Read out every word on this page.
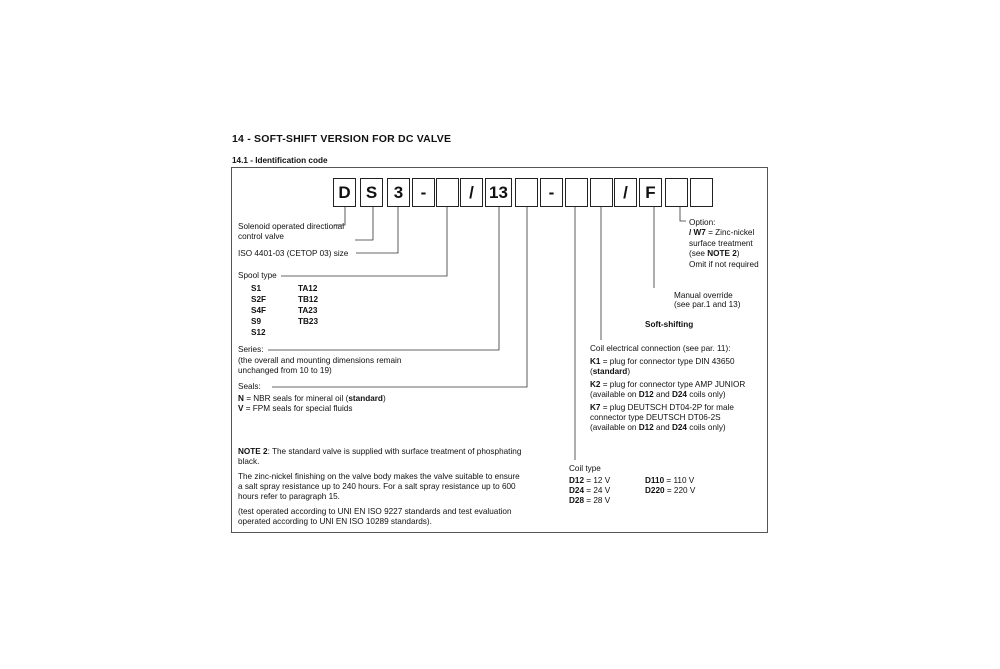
14 - SOFT-SHIFT VERSION FOR DC VALVE
14.1 - Identification code
D S 3	-	/ 13	-	/	F
Solenoid operated directional
control valve
ISO 4401-03 (CETOP 03) size
Spool type
S1
S2F
S4F
S9
S12
TA12
TB12
TA23
TB23
Series:
(the overall and mounting dimensions remain
unchanged from 10 to 19)
Seals:
N = NBR seals for mineral oil (standard)
V = FPM seals for special fluids
NOTE 2: The standard valve is supplied with surface treatment of phosphating
black.
The zinc-nickel finishing on the valve body makes the valve suitable to ensure
a salt spray resistance up to 240 hours. For a salt spray resistance up to 600
hours refer to paragraph 15.
(test operated according to UNI EN ISO 9227 standards and test evaluation
operated according to UNI EN ISO 10289 standards).
Option:
/ W7 = Zinc-nickel
surface treatment
(see NOTE 2)
Omit if not required
Manual override
(see par.1 and 13)
Soft-shifting
Coil electrical connection (see par. 11):
K1 = plug for connector type DIN 43650
(standard)
K2 = plug for connector type AMP JUNIOR
(available on D12 and D24 coils only)
K7 = plug DEUTSCH DT04-2P for male
connector type DEUTSCH DT06-2S
(available on D12 and D24 coils only)
Coil type
D12 = 12 V
D24 = 24 V
D28 = 28 V
D110 = 110 V
D220 = 220 V
